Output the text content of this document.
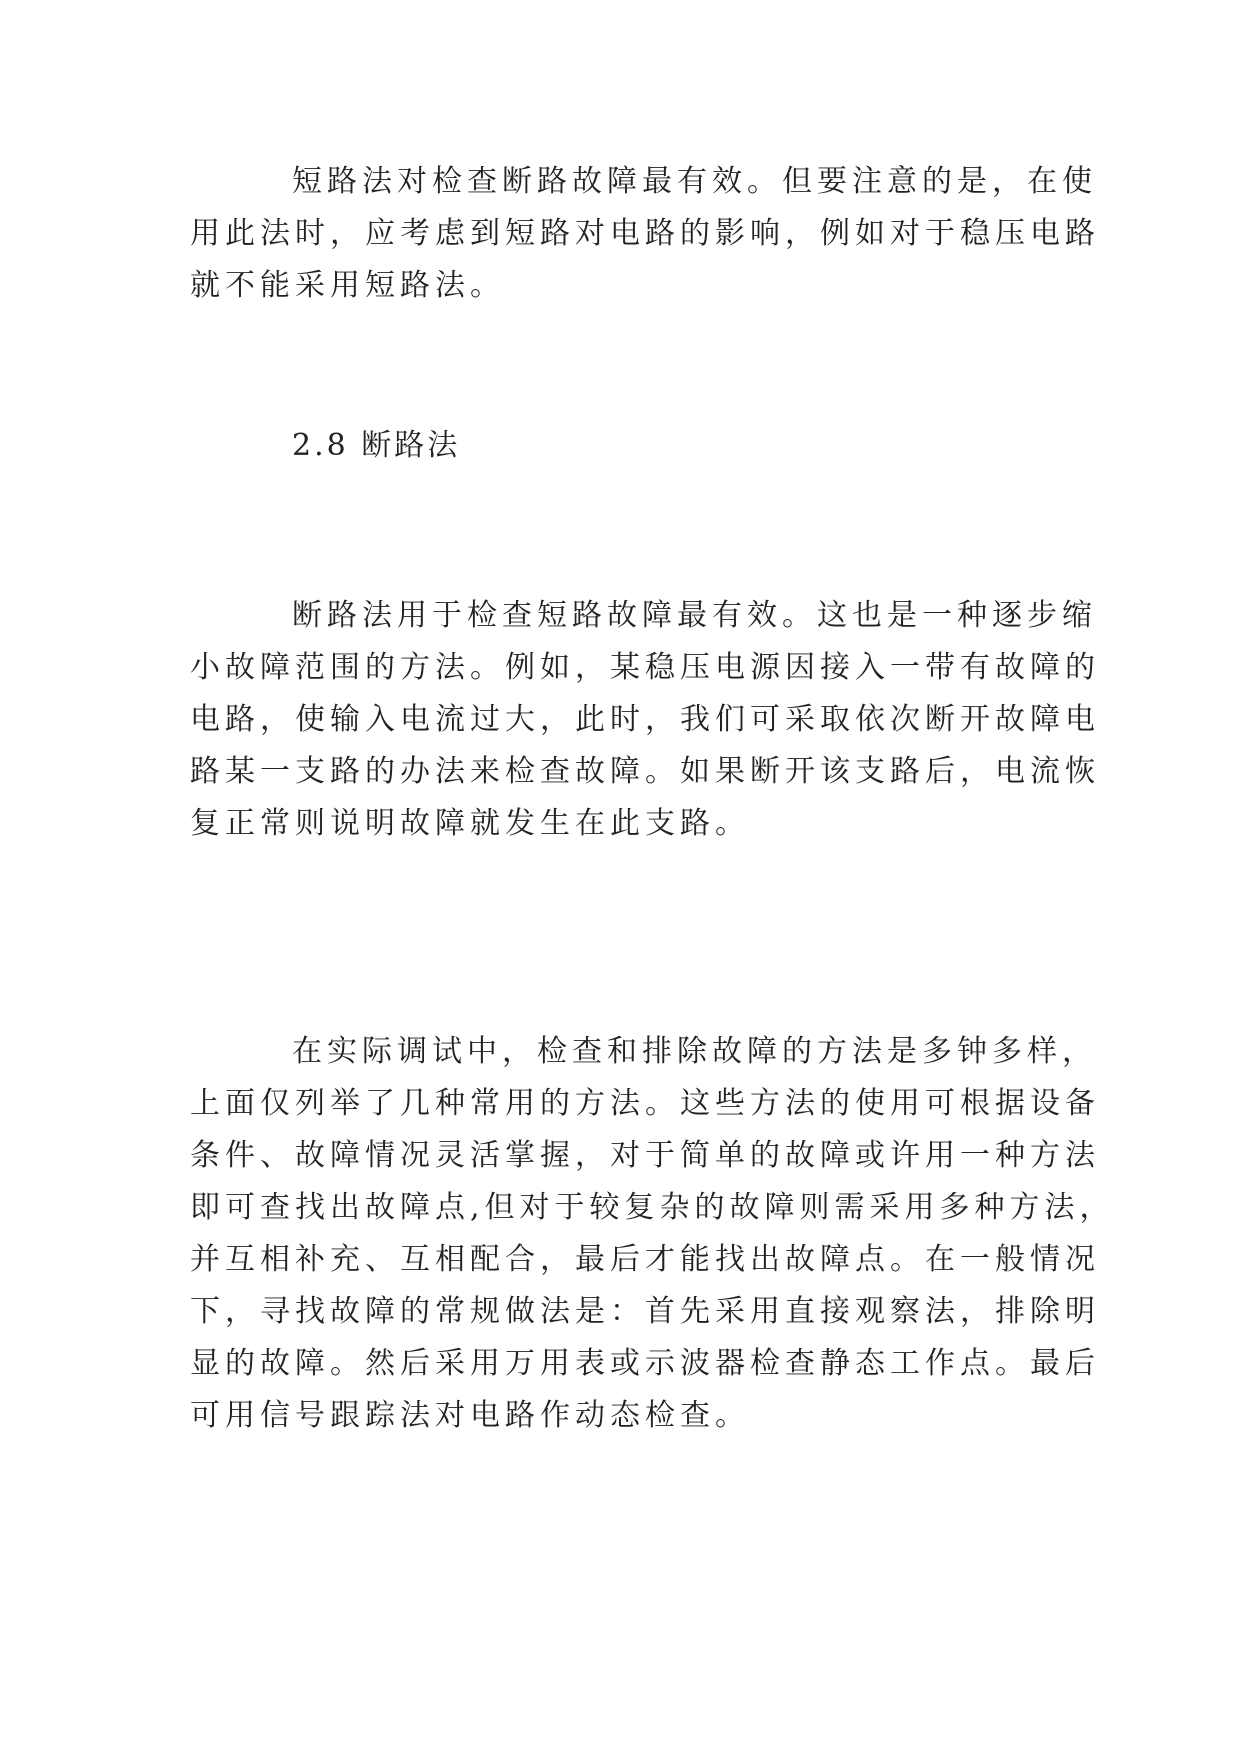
短路法对检查断路故障最有效。但要注意的是，在使
用此法时，应考虑到短路对电路的影响，例如对于稳压电路
就不能采用短路法。
2.8 断路法
断路法用于检查短路故障最有效。这也是一种逐步缩
小故障范围的方法。例如，某稳压电源因接入一带有故障的
电路，使输入电流过大，此时，我们可采取依次断开故障电
路某一支路的办法来检查故障。如果断开该支路后，电流恢
复正常则说明故障就发生在此支路。
在实际调试中，检查和排除故障的方法是多钟多样，
上面仅列举了几种常用的方法。这些方法的使用可根据设备
条件、故障情况灵活掌握，对于简单的故障或许用一种方法
即可查找出故障点,但对于较复杂的故障则需采用多种方法，
并互相补充、互相配合，最后才能找出故障点。在一般情况
下，寻找故障的常规做法是：首先采用直接观察法，排除明
显的故障。然后采用万用表或示波器检查静态工作点。最后
可用信号跟踪法对电路作动态检查。
